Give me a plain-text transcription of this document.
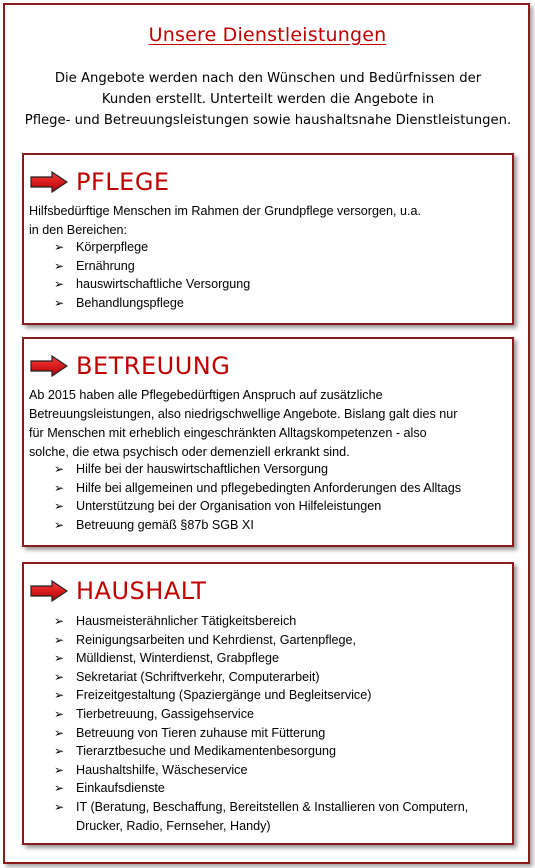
Unsere Dienstleistungen
Die Angebote werden nach den Wünschen und Bedürfnissen der
Kunden erstellt. Unterteilt werden die Angebote in
Pflege- und Betreuungsleistungen sowie haushaltsnahe Dienstleistungen.
PFLEGE
Hilfsbedürftige Menschen im Rahmen der Grundpflege versorgen, u.a.
in den Bereichen:
➢ Körperpflege
➢ Ernährung
➢ hauswirtschaftliche Versorgung
➢ Behandlungspflege
BETREUUNG
Ab 2015 haben alle Pflegebedürftigen Anspruch auf zusätzliche
Betreuungsleistungen, also niedrigschwellige Angebote. Bislang galt dies nur
für Menschen mit erheblich eingeschränkten Alltagskompetenzen - also
solche, die etwa psychisch oder demenziell erkrankt sind.
➢ Hilfe bei der hauswirtschaftlichen Versorgung
➢ Hilfe bei allgemeinen und pflegebedingten Anforderungen des Alltags
➢ Unterstützung bei der Organisation von Hilfeleistungen
➢ Betreuung gemäß §87b SGB XI
HAUSHALT
➢ Hausmeisterähnlicher Tätigkeitsbereich
➢ Reinigungsarbeiten und Kehrdienst, Gartenpflege,
➢ Mülldienst, Winterdienst, Grabpflege
➢ Sekretariat (Schriftverkehr, Computerarbeit)
➢ Freizeitgestaltung (Spaziergänge und Begleitservice)
➢ Tierbetreuung, Gassigehservice
➢ Betreuung von Tieren zuhause mit Fütterung
➢ Tierarztbesuche und Medikamentenbesorgung
➢ Haushaltshilfe, Wäscheservice
➢ Einkaufsdienste
➢ IT (Beratung, Beschaffung, Bereitstellen & Installieren von Computern, Drucker, Radio, Fernseher, Handy)
